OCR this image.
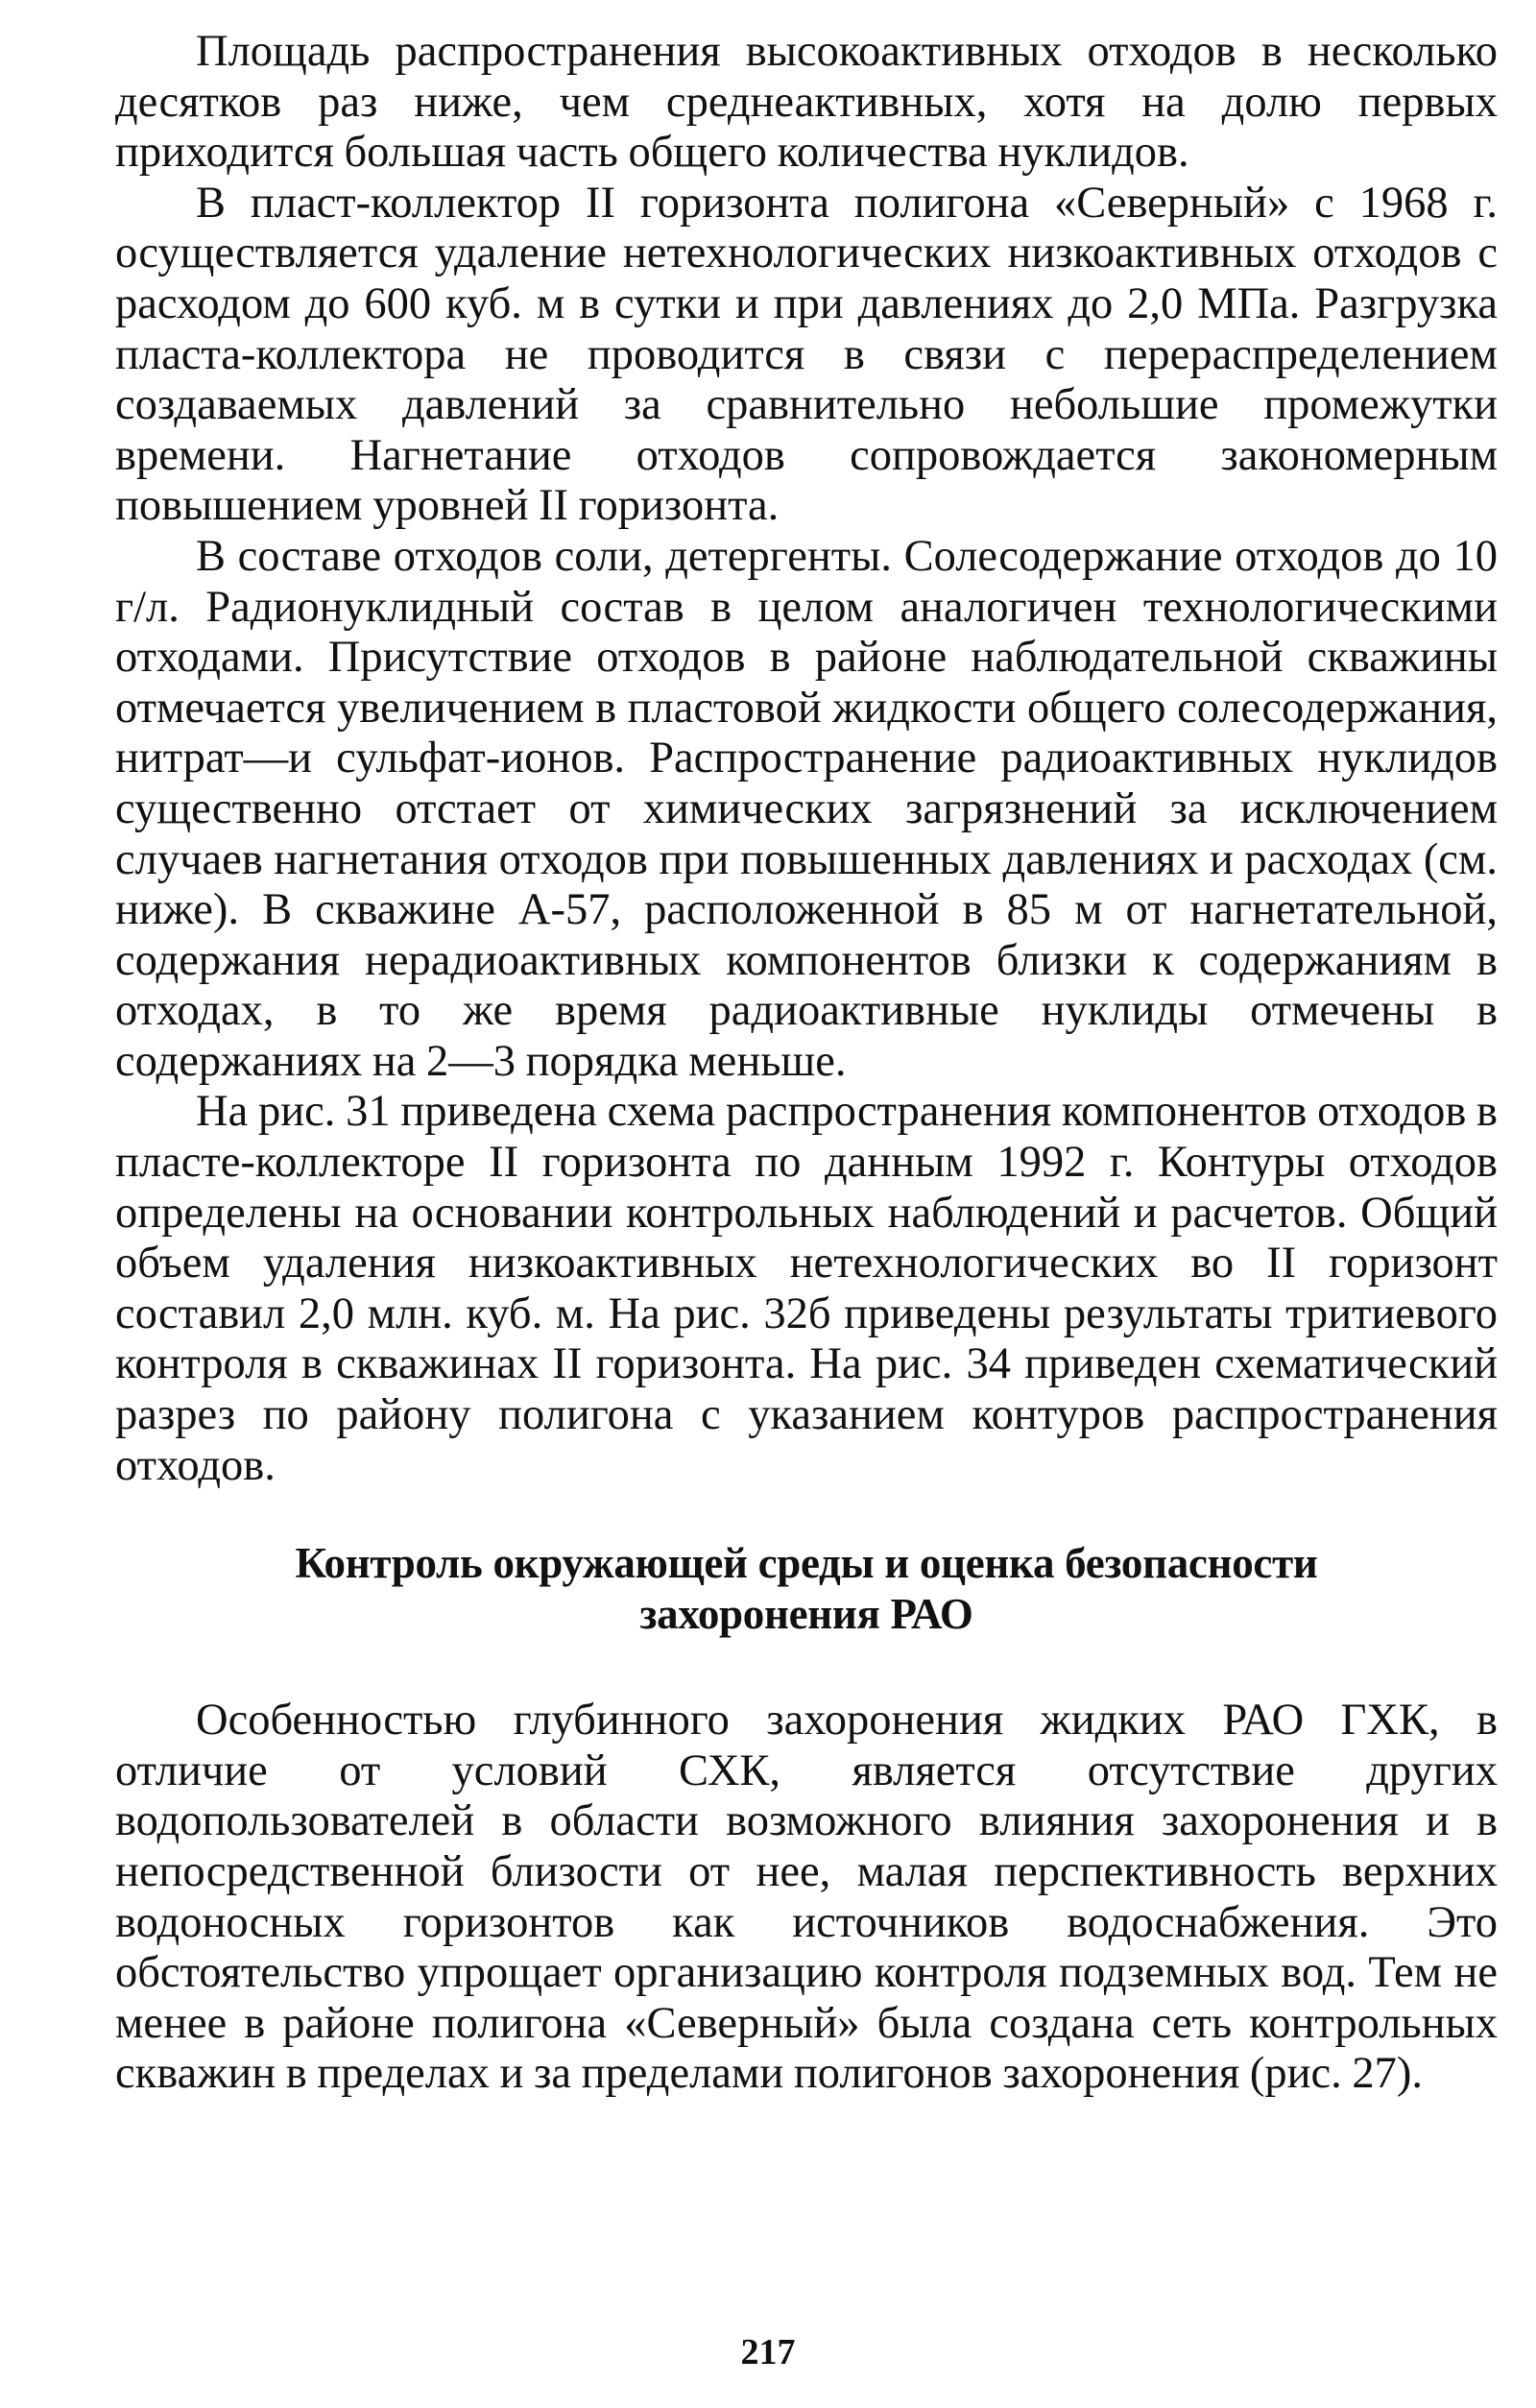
Площадь распространения высокоактивных отходов в несколько десятков раз ниже, чем среднеактивных, хотя на долю первых приходится большая часть общего количества нуклидов.

В пласт-коллектор II горизонта полигона «Северный» с 1968 г. осуществляется удаление нетехнологических низкоактивных отходов с расходом до 600 куб. м в сутки и при давлениях до 2,0 МПа. Разгрузка пласта-коллектора не проводится в связи с перераспределением создаваемых давлений за сравнительно небольшие промежутки времени. Нагнетание отходов сопровождается закономерным повышением уровней II горизонта.

В составе отходов соли, детергенты. Солесодержание отходов до 10 г/л. Радионуклидный состав в целом аналогичен технологическими отходами. Присутствие отходов в районе наблюдательной скважины отмечается увеличением в пластовой жидкости общего солесодержания, нитрат—и сульфат-ионов. Распространение радиоактивных нуклидов существенно отстает от химических загрязнений за исключением случаев нагнетания отходов при повышенных давлениях и расходах (см. ниже). В скважине А-57, расположенной в 85 м от нагнетательной, содержания нерадиоактивных компонентов близки к содержаниям в отходах, в то же время радиоактивные нуклиды отмечены в содержаниях на 2—3 порядка меньше.

На рис. 31 приведена схема распространения компонентов отходов в пласте-коллекторе II горизонта по данным 1992 г. Контуры отходов определены на основании контрольных наблюдений и расчетов. Общий объем удаления низкоактивных нетехнологических во II горизонт составил 2,0 млн. куб. м. На рис. 32б приведены результаты тритиевого контроля в скважинах II горизонта. На рис. 34 приведен схематический разрез по району полигона с указанием контуров распространения отходов.

Контроль окружающей среды и оценка безопасности
захоронения РАО

Особенностью глубинного захоронения жидких РАО ГХК, в отличие от условий СХК, является отсутствие других водопользователей в области возможного влияния захоронения и в непосредственной близости от нее, малая перспективность верхних водоносных горизонтов как источников водоснабжения. Это обстоятельство упрощает организацию контроля подземных вод. Тем не менее в районе полигона «Северный» была создана сеть контрольных скважин в пределах и за пределами полигонов захоронения (рис. 27).

217
